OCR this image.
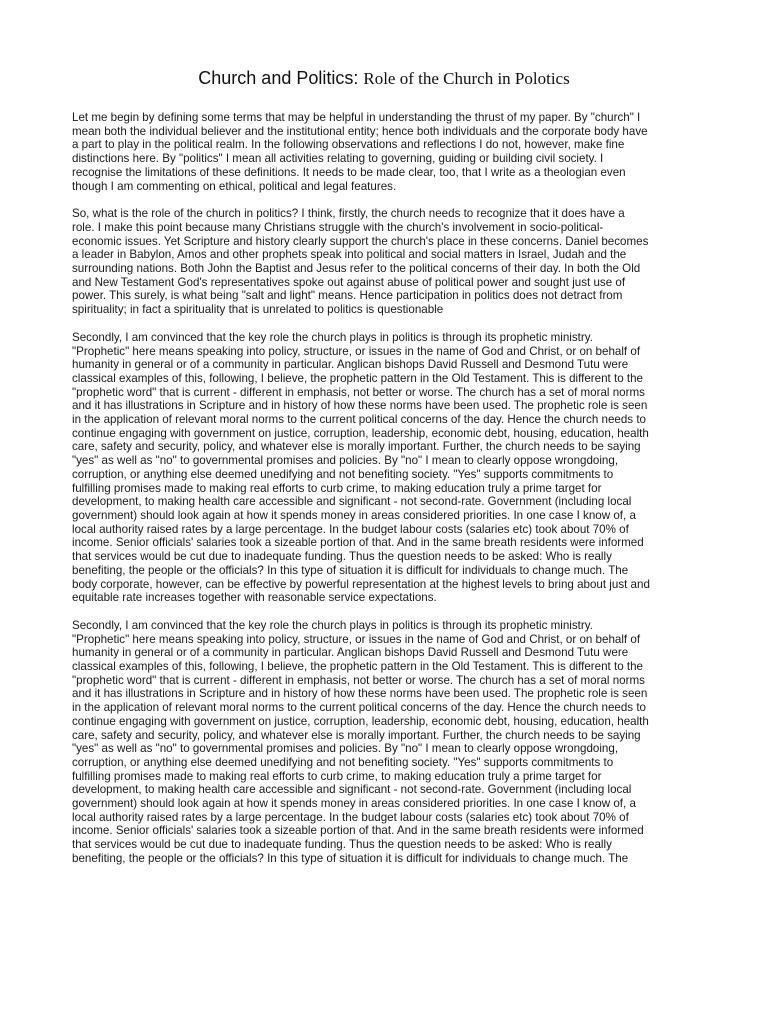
Church and Politics: Role of the Church in Polotics

Let me begin by defining some terms that may be helpful in understanding the thrust of my paper. By "church" I
mean both the individual believer and the institutional entity; hence both individuals and the corporate body have
a part to play in the political realm. In the following observations and reflections I do not, however, make fine
distinctions here. By "politics" I mean all activities relating to governing, guiding or building civil society. I
recognise the limitations of these definitions. It needs to be made clear, too, that I write as a theologian even
though I am commenting on ethical, political and legal features.

So, what is the role of the church in politics? I think, firstly, the church needs to recognize that it does have a
role. I make this point because many Christians struggle with the church's involvement in socio-political-
economic issues. Yet Scripture and history clearly support the church's place in these concerns. Daniel becomes
a leader in Babylon, Amos and other prophets speak into political and social matters in Israel, Judah and the
surrounding nations. Both John the Baptist and Jesus refer to the political concerns of their day. In both the Old
and New Testament God's representatives spoke out against abuse of political power and sought just use of
power. This surely, is what being "salt and light" means. Hence participation in politics does not detract from
spirituality; in fact a spirituality that is unrelated to politics is questionable

Secondly, I am convinced that the key role the church plays in politics is through its prophetic ministry.
"Prophetic" here means speaking into policy, structure, or issues in the name of God and Christ, or on behalf of
humanity in general or of a community in particular. Anglican bishops David Russell and Desmond Tutu were
classical examples of this, following, I believe, the prophetic pattern in the Old Testament. This is different to the
"prophetic word" that is current - different in emphasis, not better or worse. The church has a set of moral norms
and it has illustrations in Scripture and in history of how these norms have been used. The prophetic role is seen
in the application of relevant moral norms to the current political concerns of the day. Hence the church needs to
continue engaging with government on justice, corruption, leadership, economic debt, housing, education, health
care, safety and security, policy, and whatever else is morally important. Further, the church needs to be saying
"yes" as well as "no" to governmental promises and policies. By "no" I mean to clearly oppose wrongdoing,
corruption, or anything else deemed unedifying and not benefiting society. "Yes" supports commitments to
fulfilling promises made to making real efforts to curb crime, to making education truly a prime target for
development, to making health care accessible and significant - not second-rate. Government (including local
government) should look again at how it spends money in areas considered priorities. In one case I know of, a
local authority raised rates by a large percentage. In the budget labour costs (salaries etc) took about 70% of
income. Senior officials' salaries took a sizeable portion of that. And in the same breath residents were informed
that services would be cut due to inadequate funding. Thus the question needs to be asked: Who is really
benefiting, the people or the officials? In this type of situation it is difficult for individuals to change much. The
body corporate, however, can be effective by powerful representation at the highest levels to bring about just and
equitable rate increases together with reasonable service expectations.

Secondly, I am convinced that the key role the church plays in politics is through its prophetic ministry.
"Prophetic" here means speaking into policy, structure, or issues in the name of God and Christ, or on behalf of
humanity in general or of a community in particular. Anglican bishops David Russell and Desmond Tutu were
classical examples of this, following, I believe, the prophetic pattern in the Old Testament. This is different to the
"prophetic word" that is current - different in emphasis, not better or worse. The church has a set of moral norms
and it has illustrations in Scripture and in history of how these norms have been used. The prophetic role is seen
in the application of relevant moral norms to the current political concerns of the day. Hence the church needs to
continue engaging with government on justice, corruption, leadership, economic debt, housing, education, health
care, safety and security, policy, and whatever else is morally important. Further, the church needs to be saying
"yes" as well as "no" to governmental promises and policies. By "no" I mean to clearly oppose wrongdoing,
corruption, or anything else deemed unedifying and not benefiting society. "Yes" supports commitments to
fulfilling promises made to making real efforts to curb crime, to making education truly a prime target for
development, to making health care accessible and significant - not second-rate. Government (including local
government) should look again at how it spends money in areas considered priorities. In one case I know of, a
local authority raised rates by a large percentage. In the budget labour costs (salaries etc) took about 70% of
income. Senior officials' salaries took a sizeable portion of that. And in the same breath residents were informed
that services would be cut due to inadequate funding. Thus the question needs to be asked: Who is really
benefiting, the people or the officials? In this type of situation it is difficult for individuals to change much. The
